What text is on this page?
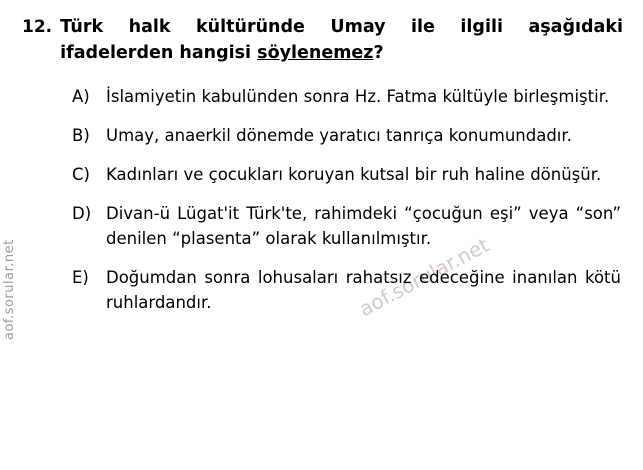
aof.sorular.net	aof.sorular.net
12. Türk halk kültüründe Umay ile ilgili aşağıdaki ifadelerden hangisi söylenemez?
A) İslamiyetin kabulünden sonra Hz. Fatma kültüyle birleşmiştir.
B) Umay, anaerkil dönemde yaratıcı tanrıça konumundadır.
C) Kadınları ve çocukları koruyan kutsal bir ruh haline dönüşür.
D) Divan-ü Lügat'it Türk'te, rahimdeki “çocuğun eşi” veya “son” denilen “plasenta” olarak kullanılmıştır.
E)	Doğumdan sonra lohusaları rahatsız edeceğine inanılan kötü ruhlardandır.
